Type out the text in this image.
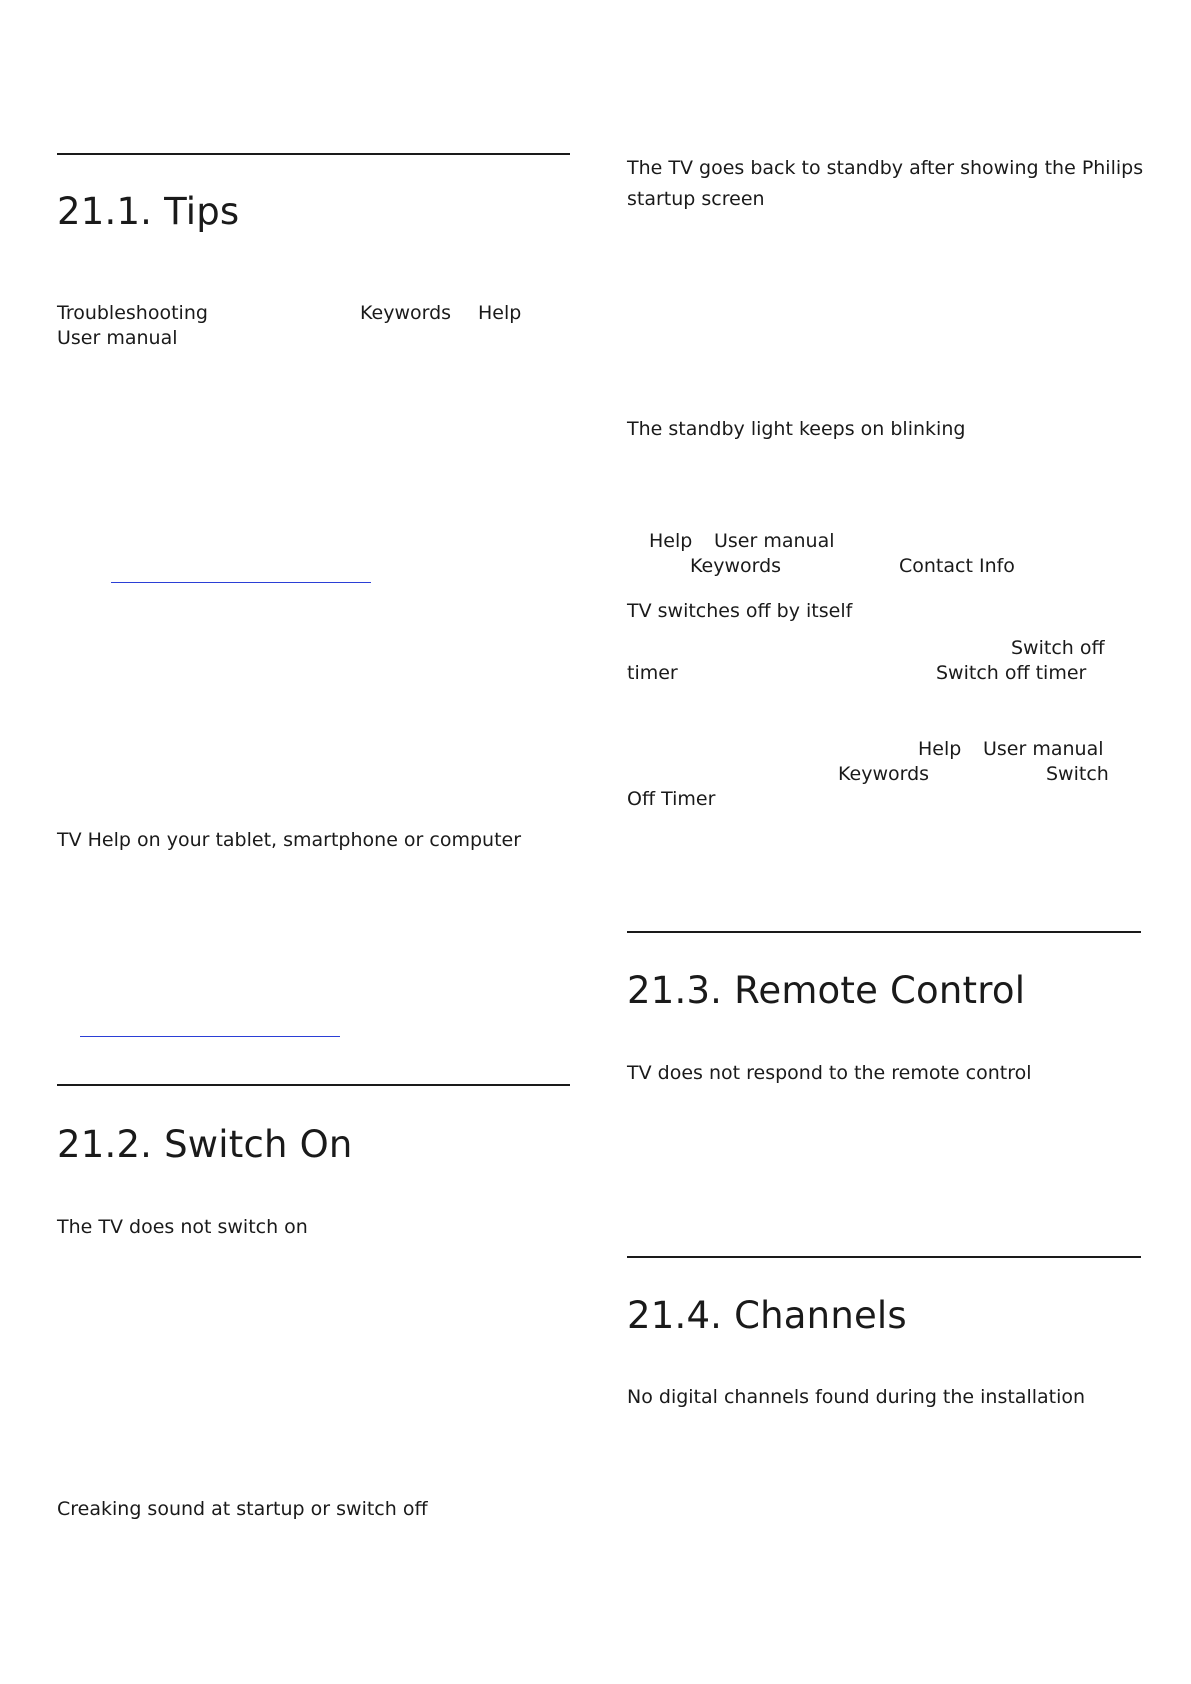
21.1. Tips
Troubleshooting	Keywords Help
User manual
TV Help on your tablet, smartphone or computer
21.2. Switch On
The TV does not switch on
Creaking sound at startup or switch off
The TV goes back to standby after showing the Philips
startup screen
The standby light keeps on blinking
Help User manual
Keywords	Contact Info
TV switches off by itself
Switch off
timer	Switch off timer
Help User manual
Keywords	Switch
Off Timer
21.3. Remote Control
TV does not respond to the remote control
21.4. Channels
No digital channels found during the installation
